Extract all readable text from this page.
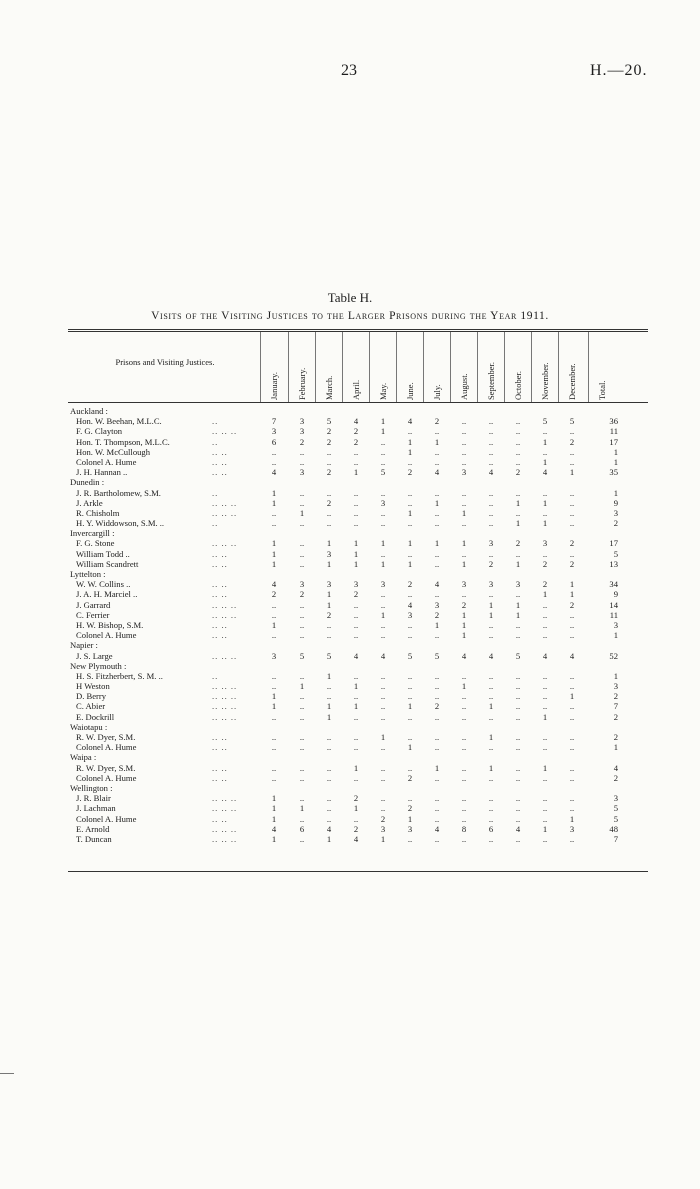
23	H.—20.
Table H.
Visits of the Visiting Justices to the Larger Prisons during the Year 1911.
Prisons and Visiting Justices.
January. February. March. April. May. June. July. August. September. October. November. December. Total.
Auckland :
Hon. W. Beehan, M.L.C.	..	7	3	5	4	1	4	2	..	..	..	5	5	36
F. G. Clayton	.. .. ..	3	3	2	2	1	..	..	..	..	..	..	..	11
Hon. T. Thompson, M.L.C.	..	6	2	2	2	..	1	1	..	..	..	1	2	17
Hon. W. McCullough	.. ..	..	..	..	..	..	1	..	..	..	..	..	..	1
Colonel A. Hume	.. ..	..	..	..	..	..	..	..	..	..	..	1	..	1
J. H. Hannan ..	.. ..	4	3	2	1	5	2	4	3	4	2	4	1	35
Dunedin :
J. R. Bartholomew, S.M.	..	1	..	..	..	..	..	..	..	..	..	..	..	1
J. Arkle	.. .. ..	1	..	2	..	3	..	1	..	..	1	1	..	9
R. Chisholm	.. .. ..	..	1	..	..	..	1	..	1	..	..	..	..	3
H. Y. Widdowson, S.M. ..	..	..	..	..	..	..	..	..	..	..	1	1	..	2
Invercargill :
F. G. Stone	.. .. ..	1	..	1	1	1	1	1	1	3	2	3	2	17
William Todd ..	.. ..	1	..	3	1	..	..	..	..	..	..	..	..	5
William Scandrett	.. ..	1	..	1	1	1	1	..	1	2	1	2	2	13
Lyttelton :
W. W. Collins ..	.. ..	4	3	3	3	3	2	4	3	3	3	2	1	34
J. A. H. Marciel ..	.. ..	2	2	1	2	..	..	..	..	..	..	1	1	9
J. Garrard	.. .. ..	..	..	1	..	..	4	3	2	1	1	..	2	14
C. Ferrier	.. .. ..	..	..	2	..	1	3	2	1	1	1	..	..	11
H. W. Bishop, S.M.	.. ..	1	..	..	..	..	..	1	1	..	..	..	..	3
Colonel A. Hume	.. ..	..	..	..	..	..	..	..	1	..	..	..	..	1
Napier :
J. S. Large	.. .. ..	3	5	5	4	4	5	5	4	4	5	4	4	52
New Plymouth :
H. S. Fitzherbert, S. M. ..	..	..	..	1	..	..	..	..	..	..	..	..	..	1
H Weston	.. .. ..	..	1	..	1	..	..	..	1	..	..	..	..	3
D. Berry	.. .. ..	1	..	..	..	..	..	..	..	..	..	..	1	2
C. Abier	.. .. ..	1	..	1	1	..	1	2	..	1	..	..	..	7
E. Dockrill	.. .. ..	..	..	1	..	..	..	..	..	..	..	1	..	2
Waiotapu :
R. W. Dyer, S.M.	.. ..	..	..	..	..	1	..	..	..	1	..	..	..	2
Colonel A. Hume	.. ..	..	..	..	..	..	1	..	..	..	..	..	..	1
Waipa :
R. W. Dyer, S.M.	.. ..	..	..	..	1	..	..	1	..	1	..	1	..	4
Colonel A. Hume	.. ..	..	..	..	..	..	2	..	..	..	..	..	..	2
Wellington :
J. R. Blair	.. .. ..	1	..	..	2	..	..	..	..	..	..	..	..	3
J. Lachman	.. .. ..	1	1	..	1	..	2	..	..	..	..	..	..	5
Colonel A. Hume	.. ..	1	..	..	..	2	1	..	..	..	..	..	1	5
E. Arnold	.. .. ..	4	6	4	2	3	3	4	8	6	4	1	3	48
T. Duncan	.. .. ..	1	..	1	4	1	..	..	..	..	..	..	..	7
